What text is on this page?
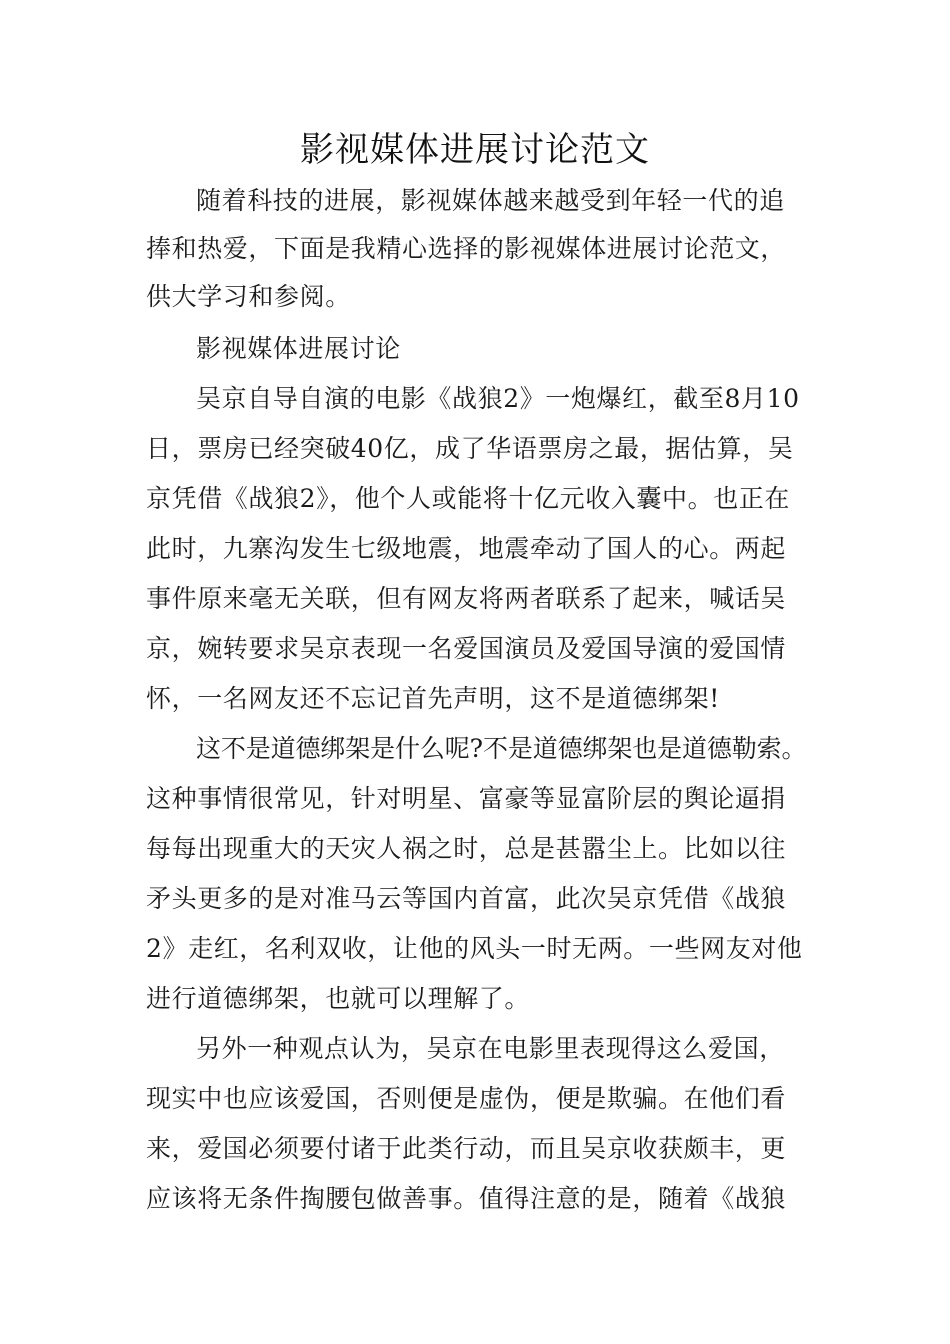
影视媒体进展讨论范文
随着科技的进展，影视媒体越来越受到年轻一代的追
捧和热爱，下面是我精心选择的影视媒体进展讨论范文，
供大学习和参阅。
影视媒体进展讨论
吴京自导自演的电影《战狼2》一炮爆红，截至8月10
日，票房已经突破40亿，成了华语票房之最，据估算，吴
京凭借《战狼2》，他个人或能将十亿元收入囊中。也正在
此时，九寨沟发生七级地震，地震牵动了国人的心。两起
事件原来毫无关联，但有网友将两者联系了起来，喊话吴
京，婉转要求吴京表现一名爱国演员及爱国导演的爱国情
怀，一名网友还不忘记首先声明，这不是道德绑架!
这不是道德绑架是什么呢?不是道德绑架也是道德勒索。
这种事情很常见，针对明星、富豪等显富阶层的舆论逼捐
每每出现重大的天灾人祸之时，总是甚嚣尘上。比如以往
矛头更多的是对准马云等国内首富，此次吴京凭借《战狼
2》走红，名利双收，让他的风头一时无两。一些网友对他
进行道德绑架，也就可以理解了。
另外一种观点认为，吴京在电影里表现得这么爱国，
现实中也应该爱国，否则便是虚伪，便是欺骗。在他们看
来，爱国必须要付诸于此类行动，而且吴京收获颇丰，更
应该将无条件掏腰包做善事。值得注意的是，随着《战狼
